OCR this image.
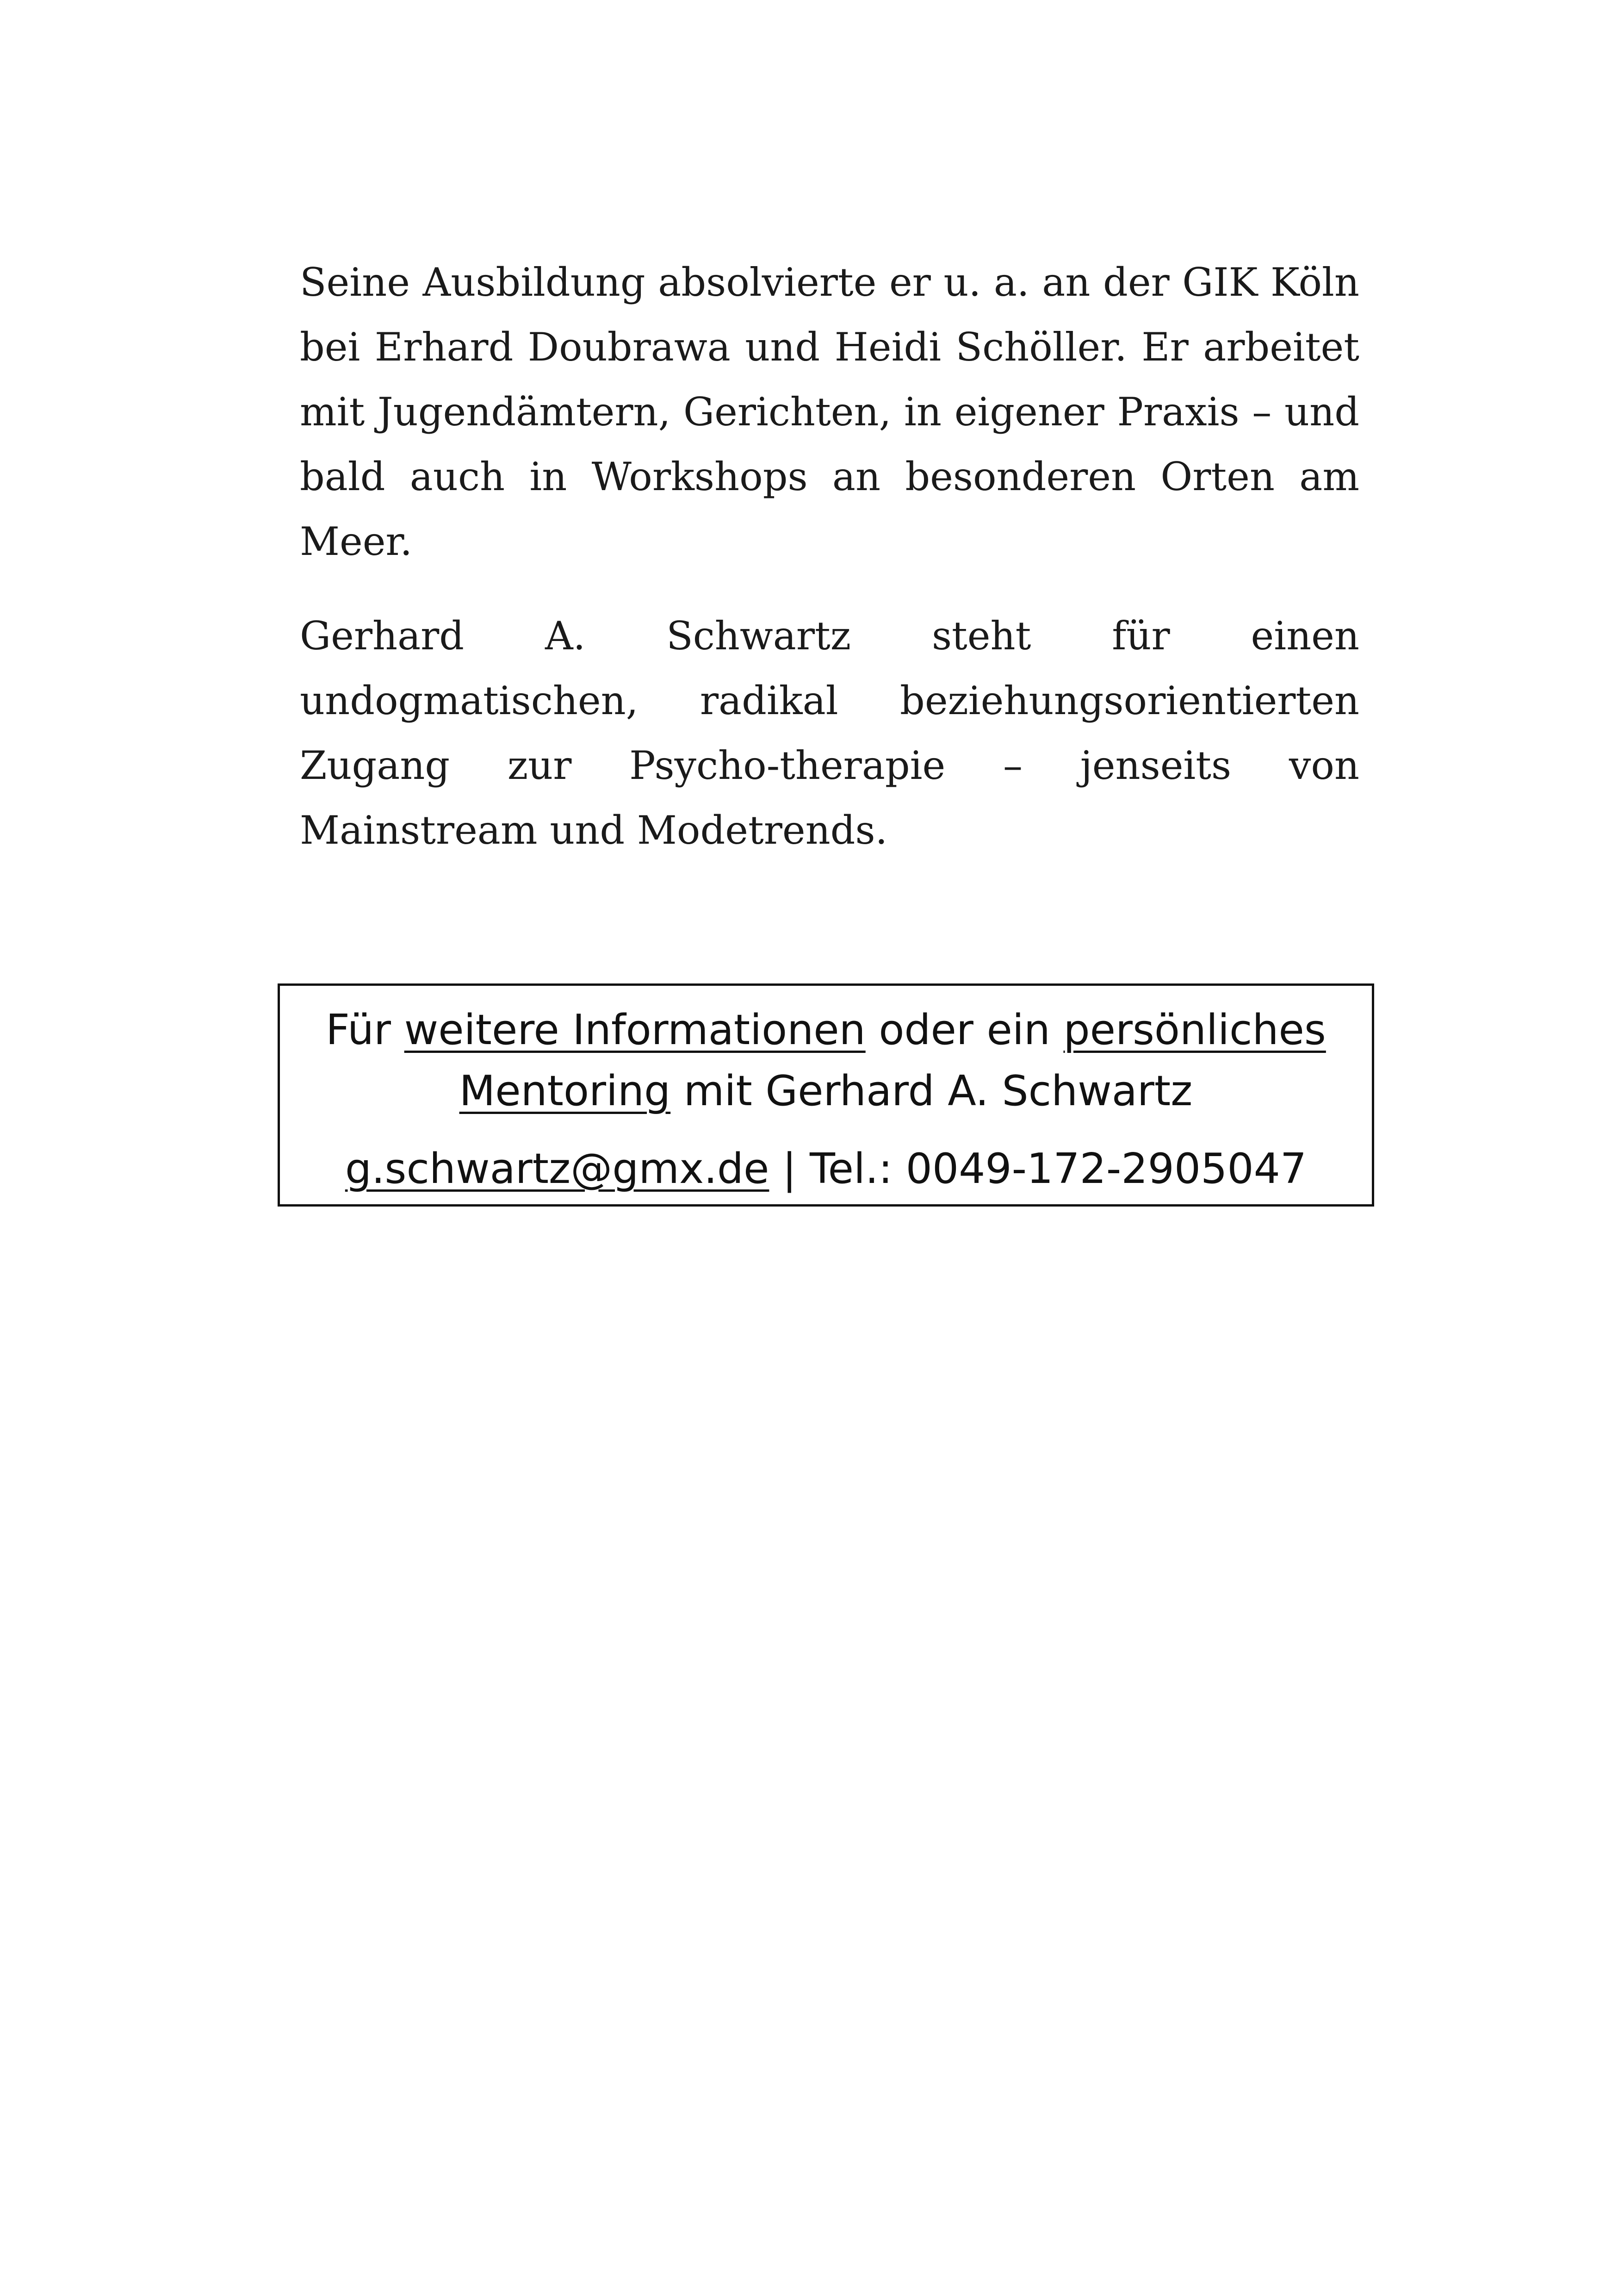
Seine Ausbildung absolvierte er u. a. an der GIK Köln bei Erhard Doubrawa und Heidi Schöller. Er arbeitet mit Jugendämtern, Gerichten, in eigener Praxis – und bald auch in Workshops an besonderen Orten am Meer.

Gerhard A. Schwartz steht für einen undogmatischen, radikal beziehungsorientierten Zugang zur Psycho-therapie – jenseits von Mainstream und Modetrends.

Für weitere Informationen oder ein persönliches
Mentoring mit Gerhard A. Schwartz
g.schwartz@gmx.de | Tel.: 0049-172-2905047
